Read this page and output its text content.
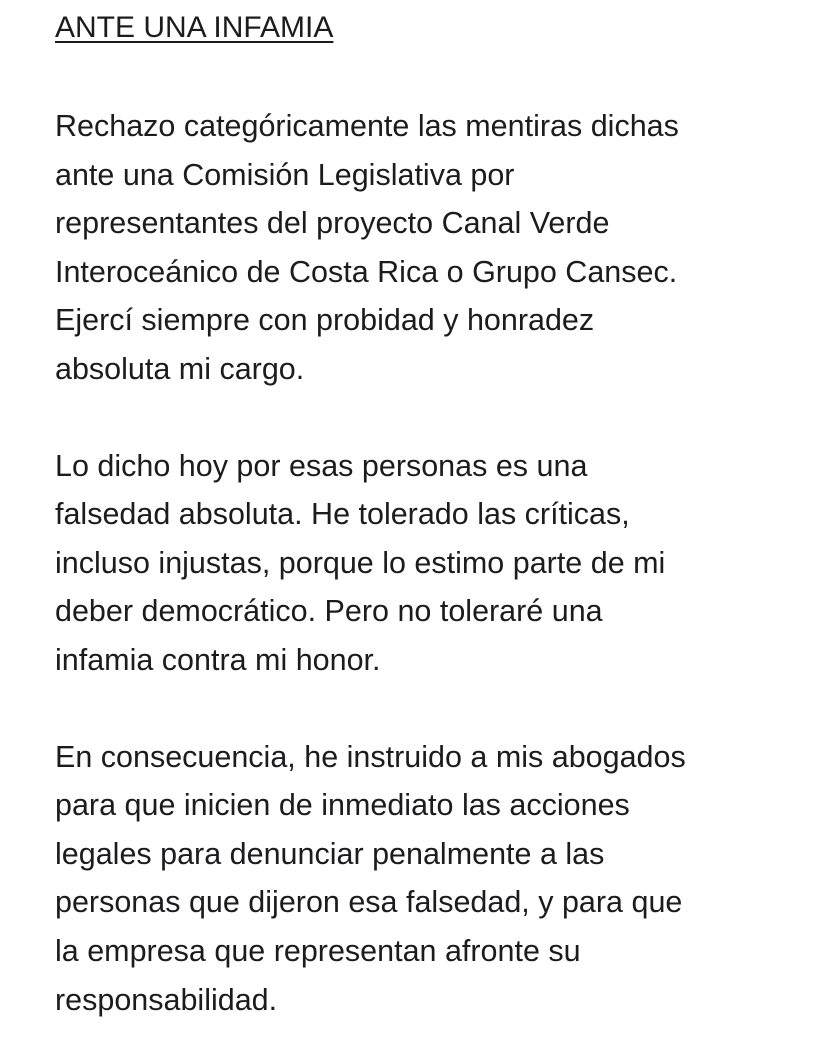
ANTE UNA INFAMIA

Rechazo categóricamente las mentiras dichas
ante una Comisión Legislativa por
representantes del proyecto Canal Verde
Interoceánico de Costa Rica o Grupo Cansec.
Ejercí siempre con probidad y honradez
absoluta mi cargo.

Lo dicho hoy por esas personas es una
falsedad absoluta. He tolerado las críticas,
incluso injustas, porque lo estimo parte de mi
deber democrático. Pero no toleraré una
infamia contra mi honor.

En consecuencia, he instruido a mis abogados
para que inicien de inmediato las acciones
legales para denunciar penalmente a las
personas que dijeron esa falsedad, y para que
la empresa que representan afronte su
responsabilidad.
